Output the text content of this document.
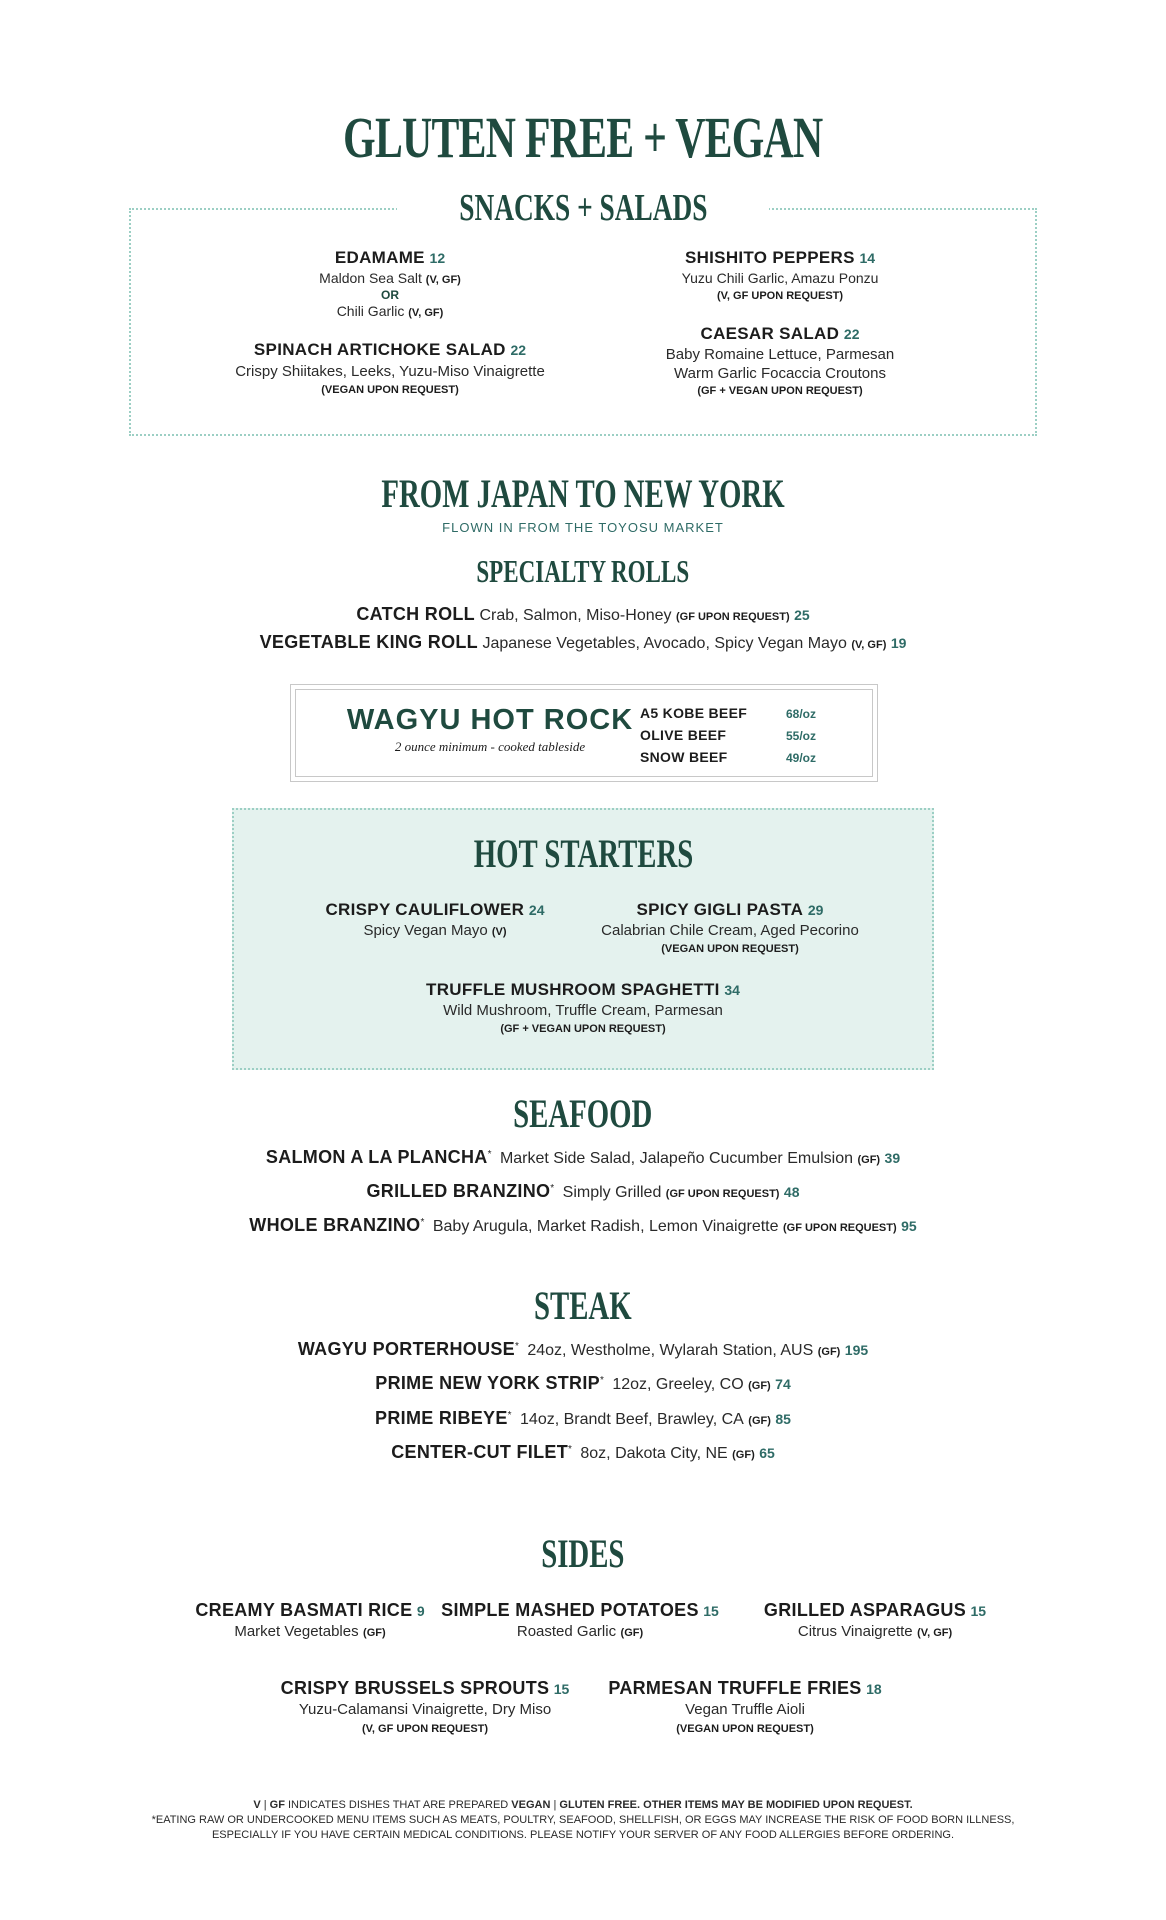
GLUTEN FREE + VEGAN
SNACKS + SALADS
EDAMAME 12
Maldon Sea Salt (V, GF)
OR
Chili Garlic (V, GF)
SPINACH ARTICHOKE SALAD 22
Crispy Shiitakes, Leeks, Yuzu-Miso Vinaigrette
(VEGAN UPON REQUEST)
SHISHITO PEPPERS 14
Yuzu Chili Garlic, Amazu Ponzu
(V, GF UPON REQUEST)
CAESAR SALAD 22
Baby Romaine Lettuce, Parmesan
Warm Garlic Focaccia Croutons
(GF + VEGAN UPON REQUEST)
FROM JAPAN TO NEW YORK
FLOWN IN FROM THE TOYOSU MARKET
SPECIALTY ROLLS
CATCH ROLL Crab, Salmon, Miso-Honey (GF UPON REQUEST) 25
VEGETABLE KING ROLL Japanese Vegetables, Avocado, Spicy Vegan Mayo (V, GF) 19
WAGYU HOT ROCK
2 ounce minimum - cooked tableside
A5 KOBE BEEF	68/oz
OLIVE BEEF	55/oz
SNOW BEEF	49/oz
HOT STARTERS
CRISPY CAULIFLOWER 24
Spicy Vegan Mayo (V)
SPICY GIGLI PASTA 29
Calabrian Chile Cream, Aged Pecorino
(VEGAN UPON REQUEST)
TRUFFLE MUSHROOM SPAGHETTI 34
Wild Mushroom, Truffle Cream, Parmesan
(GF + VEGAN UPON REQUEST)
SEAFOOD
SALMON A LA PLANCHA* Market Side Salad, Jalapeño Cucumber Emulsion (GF) 39
GRILLED BRANZINO* Simply Grilled (GF UPON REQUEST) 48
WHOLE BRANZINO* Baby Arugula, Market Radish, Lemon Vinaigrette (GF UPON REQUEST) 95
STEAK
WAGYU PORTERHOUSE* 24oz, Westholme, Wylarah Station, AUS (GF) 195
PRIME NEW YORK STRIP* 12oz, Greeley, CO (GF) 74
PRIME RIBEYE* 14oz, Brandt Beef, Brawley, CA (GF) 85
CENTER-CUT FILET* 8oz, Dakota City, NE (GF) 65
SIDES
CREAMY BASMATI RICE 9
Market Vegetables (GF)
SIMPLE MASHED POTATOES 15
Roasted Garlic (GF)
GRILLED ASPARAGUS 15
Citrus Vinaigrette (V, GF)
CRISPY BRUSSELS SPROUTS 15
Yuzu-Calamansi Vinaigrette, Dry Miso
(V, GF UPON REQUEST)
PARMESAN TRUFFLE FRIES 18
Vegan Truffle Aioli
(VEGAN UPON REQUEST)
V | GF INDICATES DISHES THAT ARE PREPARED VEGAN | GLUTEN FREE. OTHER ITEMS MAY BE MODIFIED UPON REQUEST.
*EATING RAW OR UNDERCOOKED MENU ITEMS SUCH AS MEATS, POULTRY, SEAFOOD, SHELLFISH, OR EGGS MAY INCREASE THE RISK OF FOOD BORN ILLNESS,
ESPECIALLY IF YOU HAVE CERTAIN MEDICAL CONDITIONS. PLEASE NOTIFY YOUR SERVER OF ANY FOOD ALLERGIES BEFORE ORDERING.
